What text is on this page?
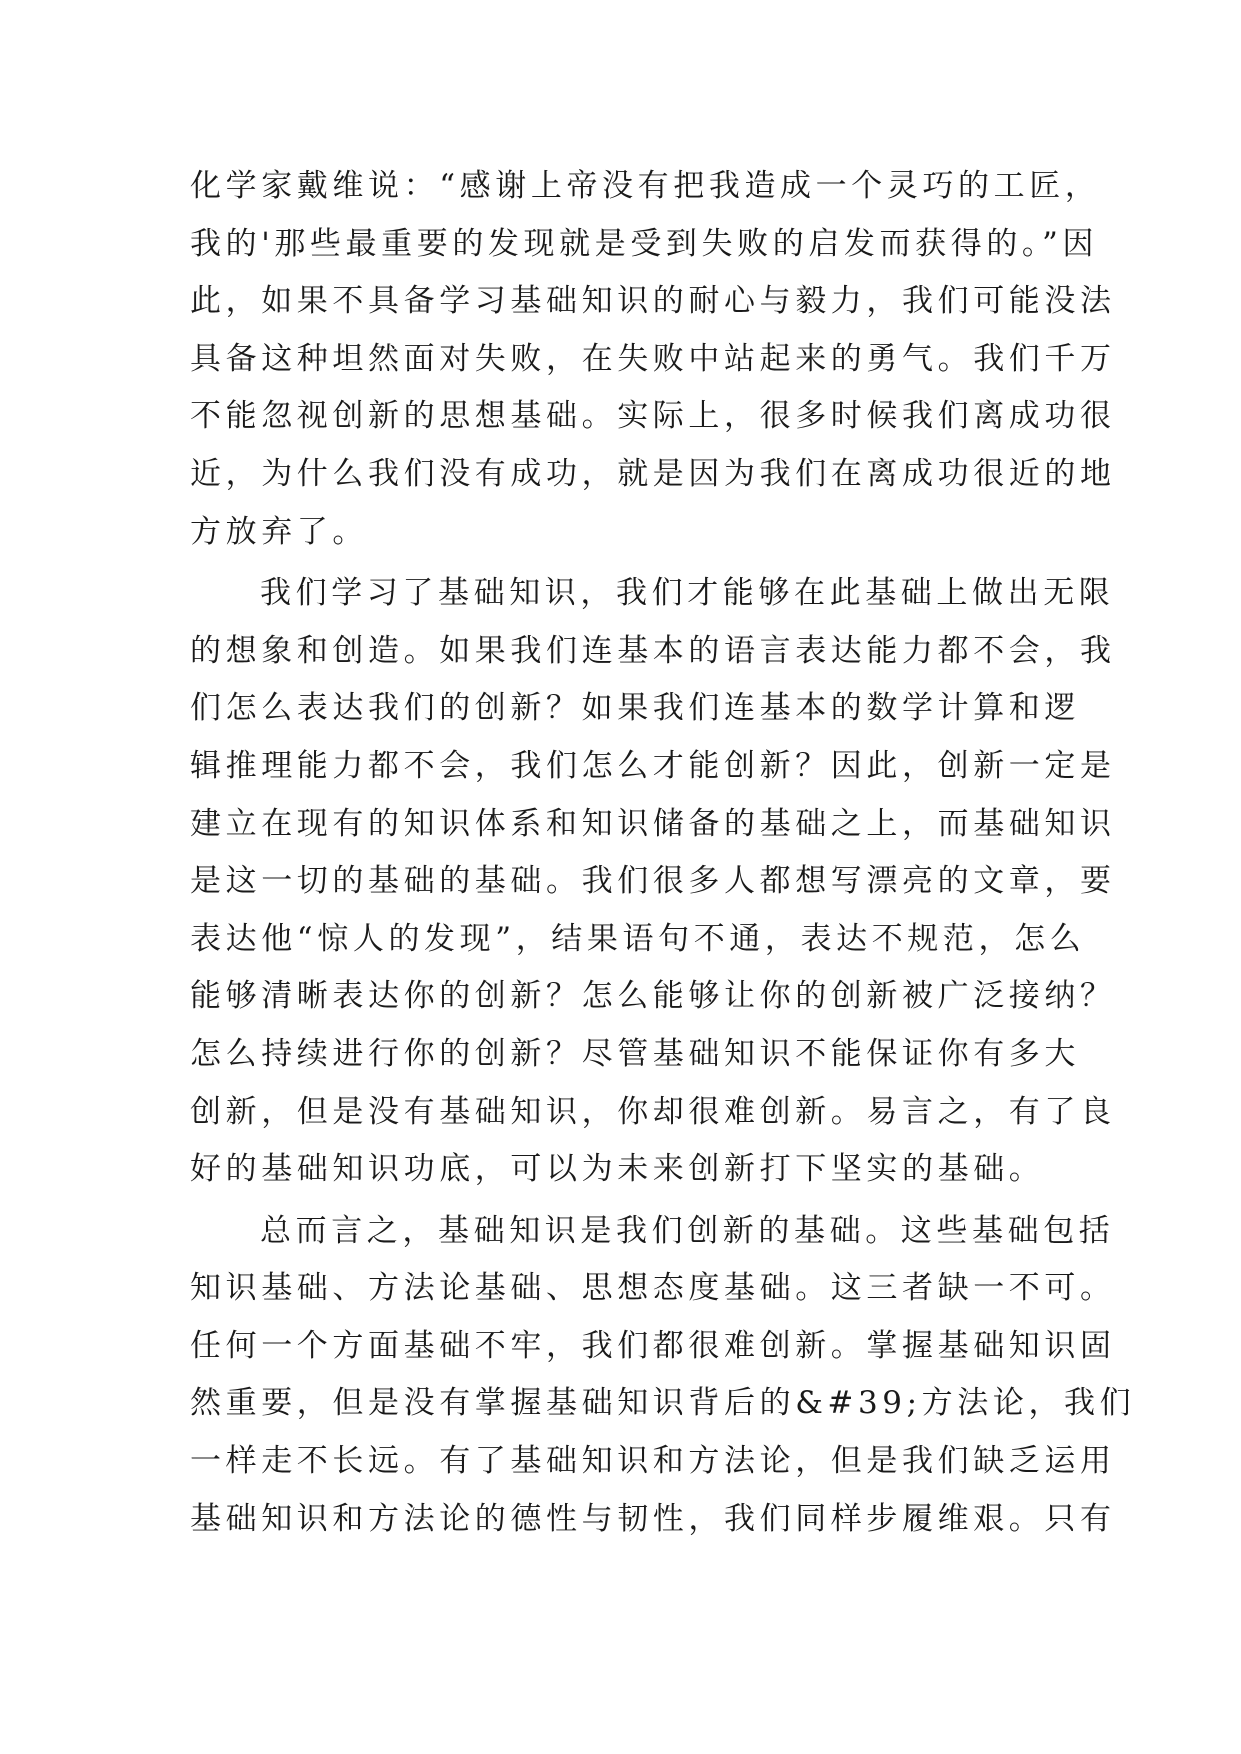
化学家戴维说：“感谢上帝没有把我造成一个灵巧的工匠，
我的'那些最重要的发现就是受到失败的启发而获得的。”因
此，如果不具备学习基础知识的耐心与毅力，我们可能没法
具备这种坦然面对失败，在失败中站起来的勇气。我们千万
不能忽视创新的思想基础。实际上，很多时候我们离成功很
近，为什么我们没有成功，就是因为我们在离成功很近的地
方放弃了。
我们学习了基础知识，我们才能够在此基础上做出无限
的想象和创造。如果我们连基本的语言表达能力都不会，我
们怎么表达我们的创新？如果我们连基本的数学计算和逻
辑推理能力都不会，我们怎么才能创新？因此，创新一定是
建立在现有的知识体系和知识储备的基础之上，而基础知识
是这一切的基础的基础。我们很多人都想写漂亮的文章，要
表达他“惊人的发现”，结果语句不通，表达不规范，怎么
能够清晰表达你的创新？怎么能够让你的创新被广泛接纳？
怎么持续进行你的创新？尽管基础知识不能保证你有多大
创新，但是没有基础知识，你却很难创新。易言之，有了良
好的基础知识功底，可以为未来创新打下坚实的基础。
总而言之，基础知识是我们创新的基础。这些基础包括
知识基础、方法论基础、思想态度基础。这三者缺一不可。
任何一个方面基础不牢，我们都很难创新。掌握基础知识固
然重要，但是没有掌握基础知识背后的&#39;方法论，我们
一样走不长远。有了基础知识和方法论，但是我们缺乏运用
基础知识和方法论的德性与韧性，我们同样步履维艰。只有
